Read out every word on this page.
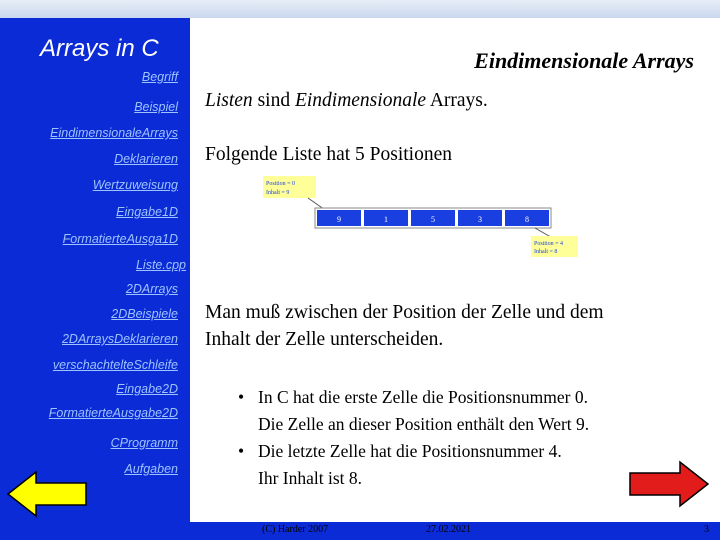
Arrays in C
Begriff
Beispiel
EindimensionaleArrays
Deklarieren
Wertzuweisung
Eingabe1D
FormatierteAusga1D
Liste.cpp
2DArrays
2DBeispiele
2DArraysDeklarieren
verschachtelteSchleife
Eingabe2D
FormatierteAusgabe2D
CProgramm
Aufgaben
Eindimensionale Arrays
Listen sind Eindimensionale Arrays.
Folgende Liste hat 5 Positionen
Position = 0
Inhalt = 9
9	1	5	3	8
Position = 4
Inhalt = 8
Man muß zwischen der Position der Zelle und dem
Inhalt der Zelle unterscheiden.
• In C hat die erste Zelle die Positionsnummer 0.
Die Zelle an dieser Position enthält den Wert 9.
• Die letzte Zelle hat die Positionsnummer 4.
Ihr Inhalt ist 8.
(C) Harder 2007	27.02.2021	3
